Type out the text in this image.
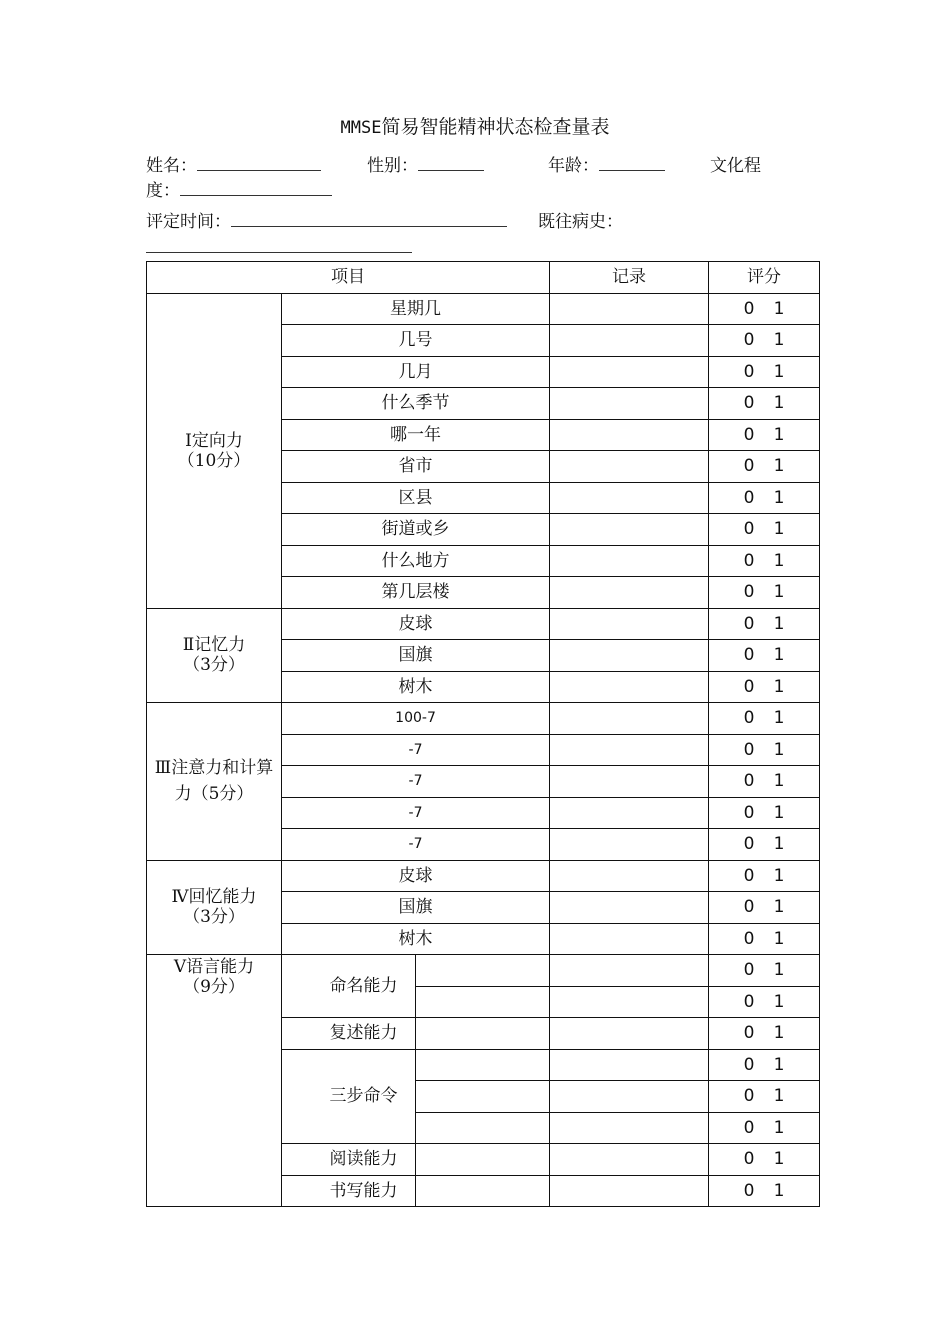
MMSE简易智能精神状态检查量表
姓名：	性别：	年龄：	文化程
度：
评定时间：	既往病史：
项目			记录	评分

Ⅰ定向力
（10分）	星期几			0 1
	几号			0 1
	几月			0 1
	什么季节			0 1
	哪一年			0 1
	省市			0 1
	区县			0 1
	街道或乡			0 1
	什么地方			0 1
	第几层楼			0 1

Ⅱ记忆力
（3分）	皮球			0 1
	国旗			0 1
	树木			0 1

Ⅲ注意力和计算
力（5分）	100-7			0 1
	-7			0 1
	-7			0 1
	-7			0 1
	-7			0 1

Ⅳ回忆能力
（3分）	皮球			0 1
	国旗			0 1
	树木			0 1

Ⅴ语言能力
（9分）	命名能力			0 1
				0 1
	复述能力			0 1
	三步命令			0 1
				0 1
				0 1
	阅读能力			0 1
	书写能力			0 1
